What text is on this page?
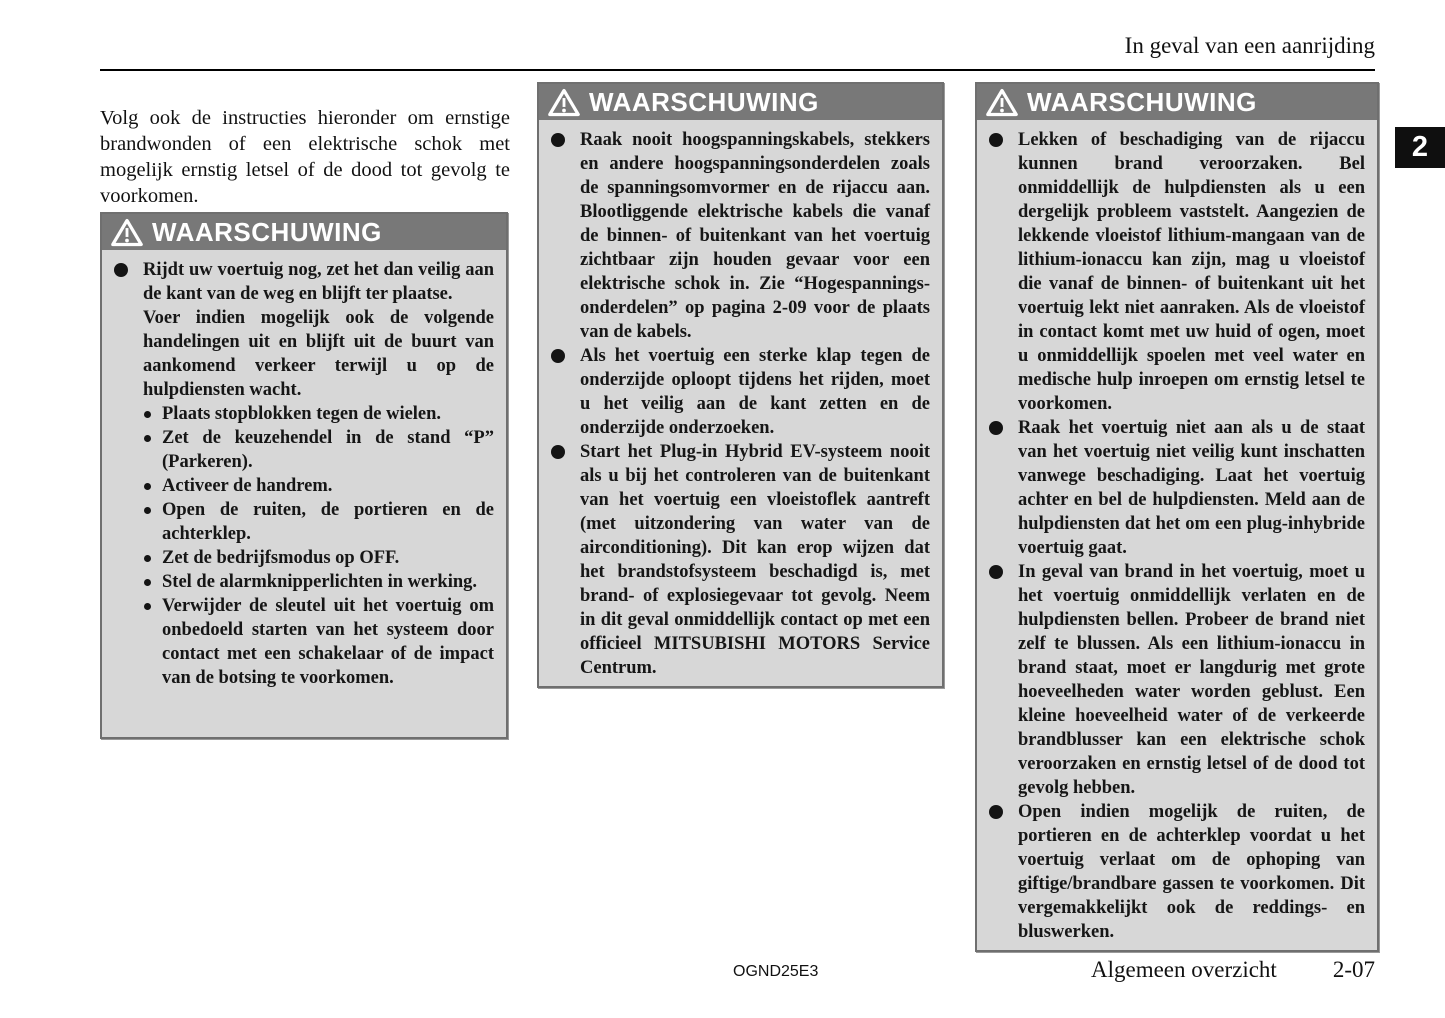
In geval van een aanrijding
2

Volg ook de instructies hieronder om ernstige brandwonden of een elektrische schok met mogelijk ernstig letsel of de dood tot gevolg te voorkomen.

WAARSCHUWING
Rijdt uw voertuig nog, zet het dan veilig aan de kant van de weg en blijft ter plaatse.
Voer indien mogelijk ook de volgende handelingen uit en blijft uit de buurt van aankomend verkeer terwijl u op de hulpdiensten wacht.
Plaats stopblokken tegen de wielen.
Zet de keuzehendel in de stand “P” (Parkeren).
Activeer de handrem.
Open de ruiten, de portieren en de achterklep.
Zet de bedrijfsmodus op OFF.
Stel de alarmknipperlichten in werking.
Verwijder de sleutel uit het voertuig om onbedoeld starten van het systeem door contact met een schakelaar of de impact van de botsing te voorkomen.
WAARSCHUWING
Raak nooit hoogspanningskabels, stekkers en andere hoogspanningsonderdelen zoals de spanningsomvormer en de rijaccu aan. Blootliggende elektrische kabels die vanaf de binnen- of buitenkant van het voertuig zichtbaar zijn houden gevaar voor een elektrische schok in. Zie “Hogespannings-onderdelen” op pagina 2-09 voor de plaats van de kabels.
Als het voertuig een sterke klap tegen de onderzijde oploopt tijdens het rijden, moet u het veilig aan de kant zetten en de onderzijde onderzoeken.
Start het Plug-in Hybrid EV-systeem nooit als u bij het controleren van de buitenkant van het voertuig een vloeistoflek aantreft (met uitzondering van water van de airconditioning). Dit kan erop wijzen dat het brandstofsysteem beschadigd is, met brand- of explosiegevaar tot gevolg. Neem in dit geval onmiddellijk contact op met een officieel MITSUBISHI MOTORS Service Centrum.
WAARSCHUWING
Lekken of beschadiging van de rijaccu kunnen brand veroorzaken. Bel onmiddellijk de hulpdiensten als u een dergelijk probleem vaststelt. Aangezien de lekkende vloeistof lithium-mangaan van de lithium-ionaccu kan zijn, mag u vloeistof die vanaf de binnen- of buitenkant uit het voertuig lekt niet aanraken. Als de vloeistof in contact komt met uw huid of ogen, moet u onmiddellijk spoelen met veel water en medische hulp inroepen om ernstig letsel te voorkomen.
Raak het voertuig niet aan als u de staat van het voertuig niet veilig kunt inschatten vanwege beschadiging. Laat het voertuig achter en bel de hulpdiensten. Meld aan de hulpdiensten dat het om een plug-inhybride voertuig gaat.
In geval van brand in het voertuig, moet u het voertuig onmiddellijk verlaten en de hulpdiensten bellen. Probeer de brand niet zelf te blussen. Als een lithium-ionaccu in brand staat, moet er langdurig met grote hoeveelheden water worden geblust. Een kleine hoeveelheid water of de verkeerde brandblusser kan een elektrische schok veroorzaken en ernstig letsel of de dood tot gevolg hebben.
Open indien mogelijk de ruiten, de portieren en de achterklep voordat u het voertuig verlaat om de ophoping van giftige/brandbare gassen te voorkomen. Dit vergemakkelijkt ook de reddings- en bluswerken.
OGND25E3	Algemeen overzicht 2-07
